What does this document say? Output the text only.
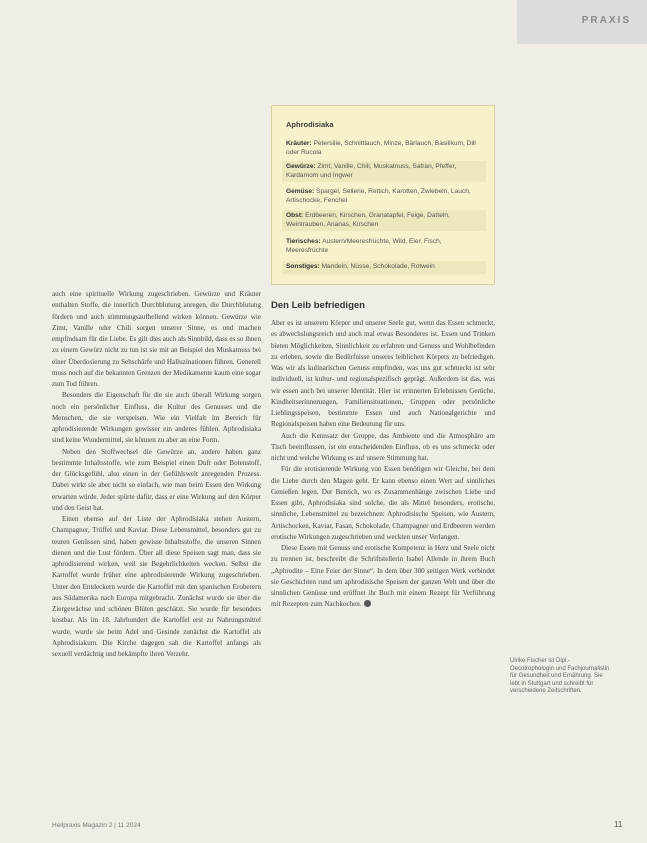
PRAXIS
Aphrodisiaka
Kräuter: Petersilie, Schnittlauch, Minze, Bärlauch, Basilikum, Dill oder Rucola
Gewürze: Zimt, Vanille, Chili, Muskatnuss, Safran, Pfeffer, Kardamom und Ingwer
Gemüse: Spargel, Sellerie, Rettich, Karotten, Zwiebeln, Lauch, Artischocke, Fenchel
Obst: Erdbeeren, Kirschen, Granatapfel, Feige, Datteln, Weintrauben, Ananas, Kirschen
Tierisches: Austern/Meeresfrüchte, Wild, Eier, Fisch, Meeresfrüchte
Sonstiges: Mandeln, Nüsse, Schokolade, Rotwein

auch eine spirituelle Wirkung zugeschrieben. Gewürze und Kräuter enthalten Stoffe, die innerlich Durchblutung anregen, die Durchblutung fördern und auch stimmungsaufhellend wirken können. Gewürze wie Zimt, Vanille oder Chili sorgen unserer Sinne, es und machen empfindsam für die Liebe. Es gilt dies auch als Sinnbild, dass es so ihnen zu einem Gewürz nicht zu tun ist sie mit an Beispiel des Muskatnuss bei einer Überdosierung zu Sehschärfe und Halluzinationen führen. Generell muss noch auf die bekannten Grenzen der Medikamente kaum eine sogar zum Tod führen.

Besonders die Eigenschaft für die sie auch überall Wirkung sorgen noch ein persönlicher Einfluss, die Kultur des Genusses und die Menschen, die sie verspeisen. Wie ein Vielfalt im Bereich für aphrodisierende Wirkungen gewisser ein anderes fühlen. Aphrodisiaka sind keine Wundermittel, sie können zu aber an eine Form.

Neben den Stoffwechsel die Gewürze an, andere haben ganz bestimmte Inhaltsstoffe, wie zum Beispiel einen Duft oder Botenstoff, der Glücksgefühl, also einen in der Gefühlswelt anregenden Prozess. Dabei wirkt sie aber nicht so einfach, wie man beim Essen den Wirkung erwarten würde. Jeder spürte dafür, dass er eine Wirkung auf den Körper und den Geist hat.

Einen ebenso auf der Liste der Aphrodisiaka stehen Austern, Champagner, Trüffel und Kaviar. Diese Lebensmittel, besonders gut zu teuren Genüssen sind, haben gewisse Inhaltsstoffe, die unseren Sinnen dienen und die Lust fördern. Über all diese Speisen sagt man, dass sie aphrodisierend wirken, weil sie Begehrlichkeiten wecken. Selbst die Kartoffel wurde früher eine aphrodisierende Wirkung zugeschrieben. Unter den Entdeckern wurde die Kartoffel mit den spanischen Eroberern aus Südamerika nach Europa mitgebracht. Zunächst wurde sie über die Ziergewächse und schönen Blüten geschätzt. Sie wurde für besonders kostbar. Als im 18. Jahrhundert die Kartoffel erst zu Nahrungsmittel wurde, wurde sie beim Adel und Gesinde zunächst die Kartoffel als Aphrodisiakum. Die Kirche dagegen sah die Kartoffel anfangs als sexuell verdächtig und bekämpfte ihren Verzehr.

Den Leib befriedigen

Aber es ist unserem Körper und unserer Seele gut, wenn das Essen schmeckt, es abwechslungsreich und auch mal etwas Besonderes ist. Essen und Trinken bieten Möglichkeiten, Sinnlichkeit zu erfahren und Genuss und Wohlbefinden zu erleben, sowie die Bedürfnisse unseres leiblichen Körpers zu befriedigen. Was wir als kulinarischen Genuss empfinden, was uns gut schmeckt ist sehr individuell, ist kultur- und regionalspezifisch geprägt. Außerdem ist das, was wir essen auch bei unserer Identität. Hier ist erinnerten Erlebnissen Gerüche, Kindheitserinnerungen, Familiensituationen, Gruppen oder persönliche Lieblingsspeisen, bestimmte Essen und auch Nationalgerichte und Regionalspeisen haben eine Bedeutung für uns.

Auch die Kennsatz der Gruppe, das Ambiente und die Atmosphäre am Tisch beeinflussen, ist ein entscheidenden Einfluss, ob es uns schmeckt oder nicht und welche Wirkung es auf unsere Stimmung hat.

Für die erotisierende Wirkung von Essen benötigen wir Gleiche, bei dem die Liebe durch den Magen geht. Er kann ebenso einen Wert auf sinnliches Genießen legen. Der Bereich, wo es Zusammenhänge zwischen Liebe und Essen gibt, Aphrodisiaka sind solche, die als Mittel besonders, erotische, sinnliche, Lebensmittel zu bezeichnen: Aphrodisische Speisen, wie Austern, Artischocken, Kaviar, Fasan, Schokolade, Champagner und Erdbeeren werden erotische Wirkungen zugeschrieben und weckten unser Verlangen.

Diese Essen mit Genuss und erotische Kompetenz in Herz und Seele nicht zu trennen ist, beschreibt die Schriftstellerin Isabel Allende in ihrem Buch „Aphrodite – Eine Feier der Sinne“. In dem über 300 seitigen Werk verbindet sie Geschichten rund um aphrodisische Speisen der ganzen Welt und über die sinnlichen Genüsse und eröffnet ihr Buch mit einem Rezept für Verführung mit Rezepten zum Nachkochen.

Ulrike Fischer ist Dipl.-Oecotrophologin und Fachjournalistin für Gesundheit und Ernährung. Sie lebt in Stuttgart und schreibt für verschiedene Zeitschriften.
Heilpraxis Magazin 2 | 11 2024	11
